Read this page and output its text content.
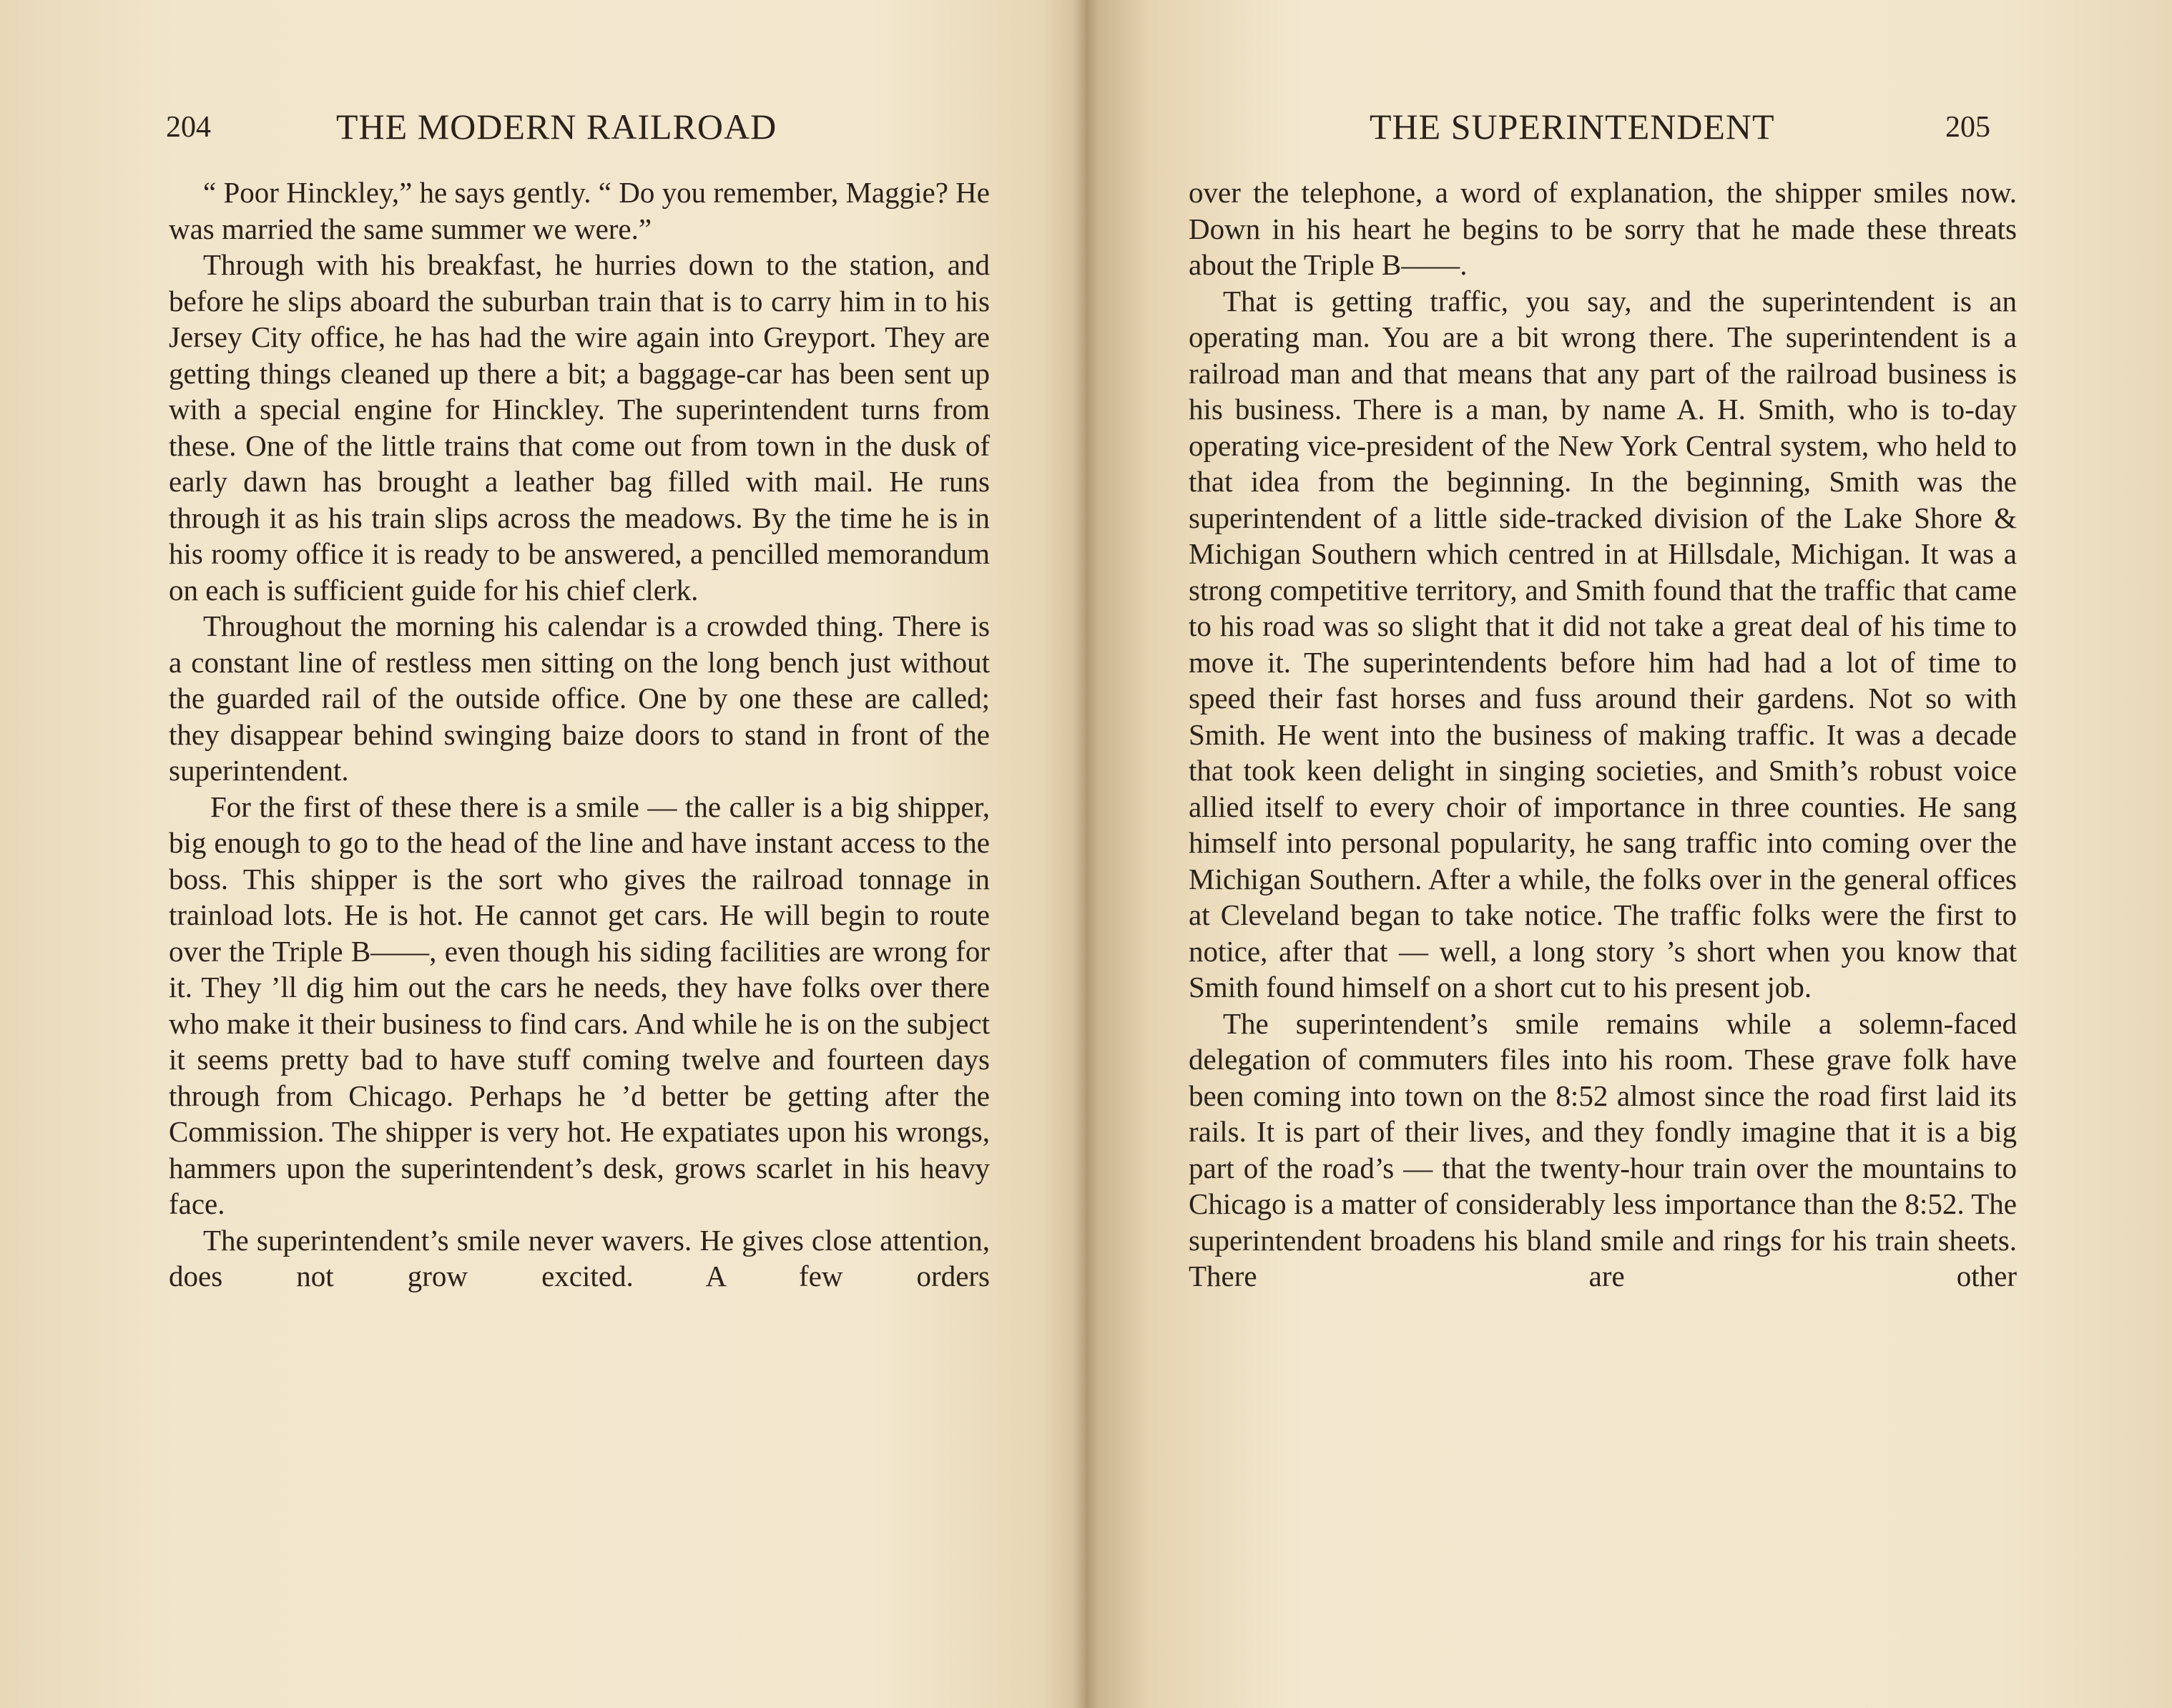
204	THE MODERN RAILROAD

“ Poor Hinckley,” he says gently. “ Do you remember, Maggie? He was married the same summer we were.”

Through with his breakfast, he hurries down to the station, and before he slips aboard the suburban train that is to carry him in to his Jersey City office, he has had the wire again into Greyport. They are getting things cleaned up there a bit; a baggage-car has been sent up with a special engine for Hinckley. The superintendent turns from these. One of the little trains that come out from town in the dusk of early dawn has brought a leather bag filled with mail. He runs through it as his train slips across the meadows. By the time he is in his roomy office it is ready to be answered, a pencilled memorandum on each is sufficient guide for his chief clerk.

Throughout the morning his calendar is a crowded thing. There is a constant line of restless men sitting on the long bench just without the guarded rail of the outside office. One by one these are called; they disappear behind swinging baize doors to stand in front of the superintendent.

For the first of these there is a smile — the caller is a big shipper, big enough to go to the head of the line and have instant access to the boss. This shipper is the sort who gives the railroad tonnage in trainload lots. He is hot. He cannot get cars. He will begin to route over the Triple B——, even though his siding facilities are wrong for it. They ’ll dig him out the cars he needs, they have folks over there who make it their business to find cars. And while he is on the subject it seems pretty bad to have stuff coming twelve and fourteen days through from Chicago. Perhaps he ’d better be getting after the Commission. The shipper is very hot. He expatiates upon his wrongs, hammers upon the superintendent’s desk, grows scarlet in his heavy face.

The superintendent’s smile never wavers. He gives close attention, does not grow excited. A few orders

THE SUPERINTENDENT	205

over the telephone, a word of explanation, the shipper smiles now. Down in his heart he begins to be sorry that he made these threats about the Triple B——.

That is getting traffic, you say, and the superintendent is an operating man. You are a bit wrong there. The superintendent is a railroad man and that means that any part of the railroad business is his business. There is a man, by name A. H. Smith, who is to-day operating vice-president of the New York Central system, who held to that idea from the beginning. In the beginning, Smith was the superintendent of a little side-tracked division of the Lake Shore & Michigan Southern which centred in at Hillsdale, Michigan. It was a strong competitive territory, and Smith found that the traffic that came to his road was so slight that it did not take a great deal of his time to move it. The superintendents before him had had a lot of time to speed their fast horses and fuss around their gardens. Not so with Smith. He went into the business of making traffic. It was a decade that took keen delight in singing societies, and Smith’s robust voice allied itself to every choir of importance in three counties. He sang himself into personal popularity, he sang traffic into coming over the Michigan Southern. After a while, the folks over in the general offices at Cleveland began to take notice. The traffic folks were the first to notice, after that — well, a long story ’s short when you know that Smith found himself on a short cut to his present job.

The superintendent’s smile remains while a solemn-faced delegation of commuters files into his room. These grave folk have been coming into town on the 8:52 almost since the road first laid its rails. It is part of their lives, and they fondly imagine that it is a big part of the road’s — that the twenty-hour train over the mountains to Chicago is a matter of considerably less importance than the 8:52. The superintendent broadens his bland smile and rings for his train sheets. There are other
